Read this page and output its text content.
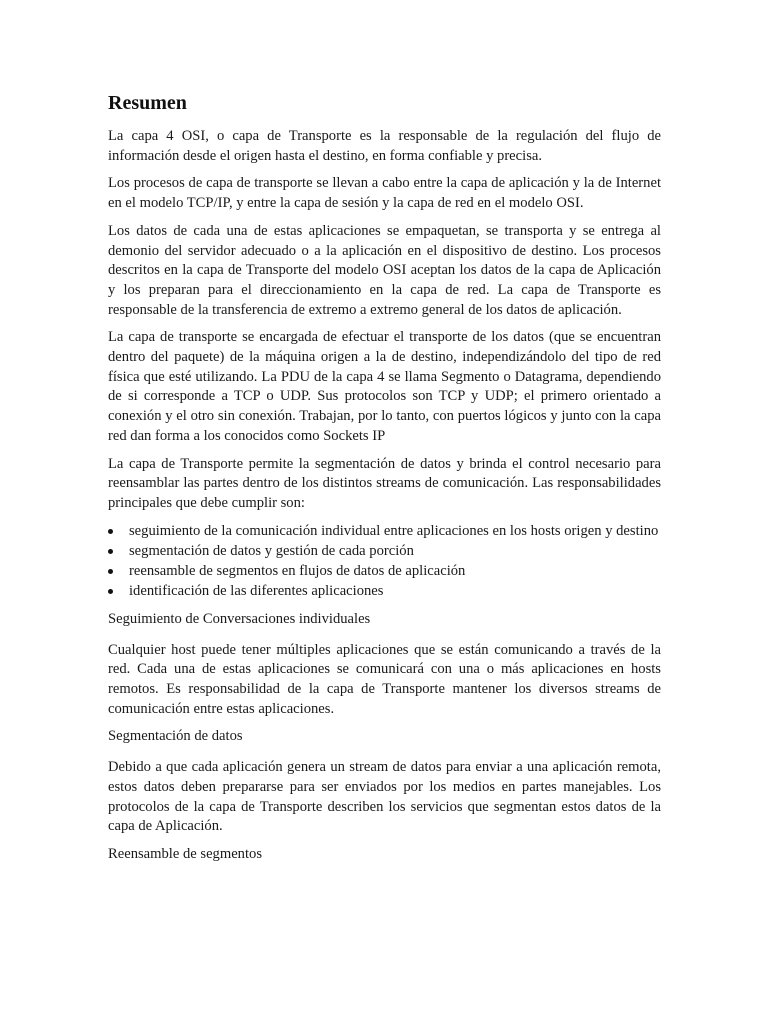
Resumen

La capa 4 OSI, o capa de Transporte es la responsable de la regulación del flujo de información desde el origen hasta el destino, en forma confiable y precisa.

Los procesos de capa de transporte se llevan a cabo entre la capa de aplicación y la de Internet en el modelo TCP/IP, y entre la capa de sesión y la capa de red en el modelo OSI.

Los datos de cada una de estas aplicaciones se empaquetan, se transporta y se entrega al demonio del servidor adecuado o a la aplicación en el dispositivo de destino. Los procesos descritos en la capa de Transporte del modelo OSI aceptan los datos de la capa de Aplicación y los preparan para el direccionamiento en la capa de red. La capa de Transporte es responsable de la transferencia de extremo a extremo general de los datos de aplicación.

La capa de transporte se encargada de efectuar el transporte de los datos (que se encuentran dentro del paquete) de la máquina origen a la de destino, independizándolo del tipo de red física que esté utilizando. La PDU de la capa 4 se llama Segmento o Datagrama, dependiendo de si corresponde a TCP o UDP. Sus protocolos son TCP y UDP; el primero orientado a conexión y el otro sin conexión. Trabajan, por lo tanto, con puertos lógicos y junto con la capa red dan forma a los conocidos como Sockets IP

La capa de Transporte permite la segmentación de datos y brinda el control necesario para reensamblar las partes dentro de los distintos streams de comunicación. Las responsabilidades principales que debe cumplir son:

seguimiento de la comunicación individual entre aplicaciones en los hosts origen y destino
segmentación de datos y gestión de cada porción
reensamble de segmentos en flujos de datos de aplicación
identificación de las diferentes aplicaciones

Seguimiento de Conversaciones individuales

Cualquier host puede tener múltiples aplicaciones que se están comunicando a través de la red. Cada una de estas aplicaciones se comunicará con una o más aplicaciones en hosts remotos. Es responsabilidad de la capa de Transporte mantener los diversos streams de comunicación entre estas aplicaciones.

Segmentación de datos

Debido a que cada aplicación genera un stream de datos para enviar a una aplicación remota, estos datos deben prepararse para ser enviados por los medios en partes manejables. Los protocolos de la capa de Transporte describen los servicios que segmentan estos datos de la capa de Aplicación.

Reensamble de segmentos
